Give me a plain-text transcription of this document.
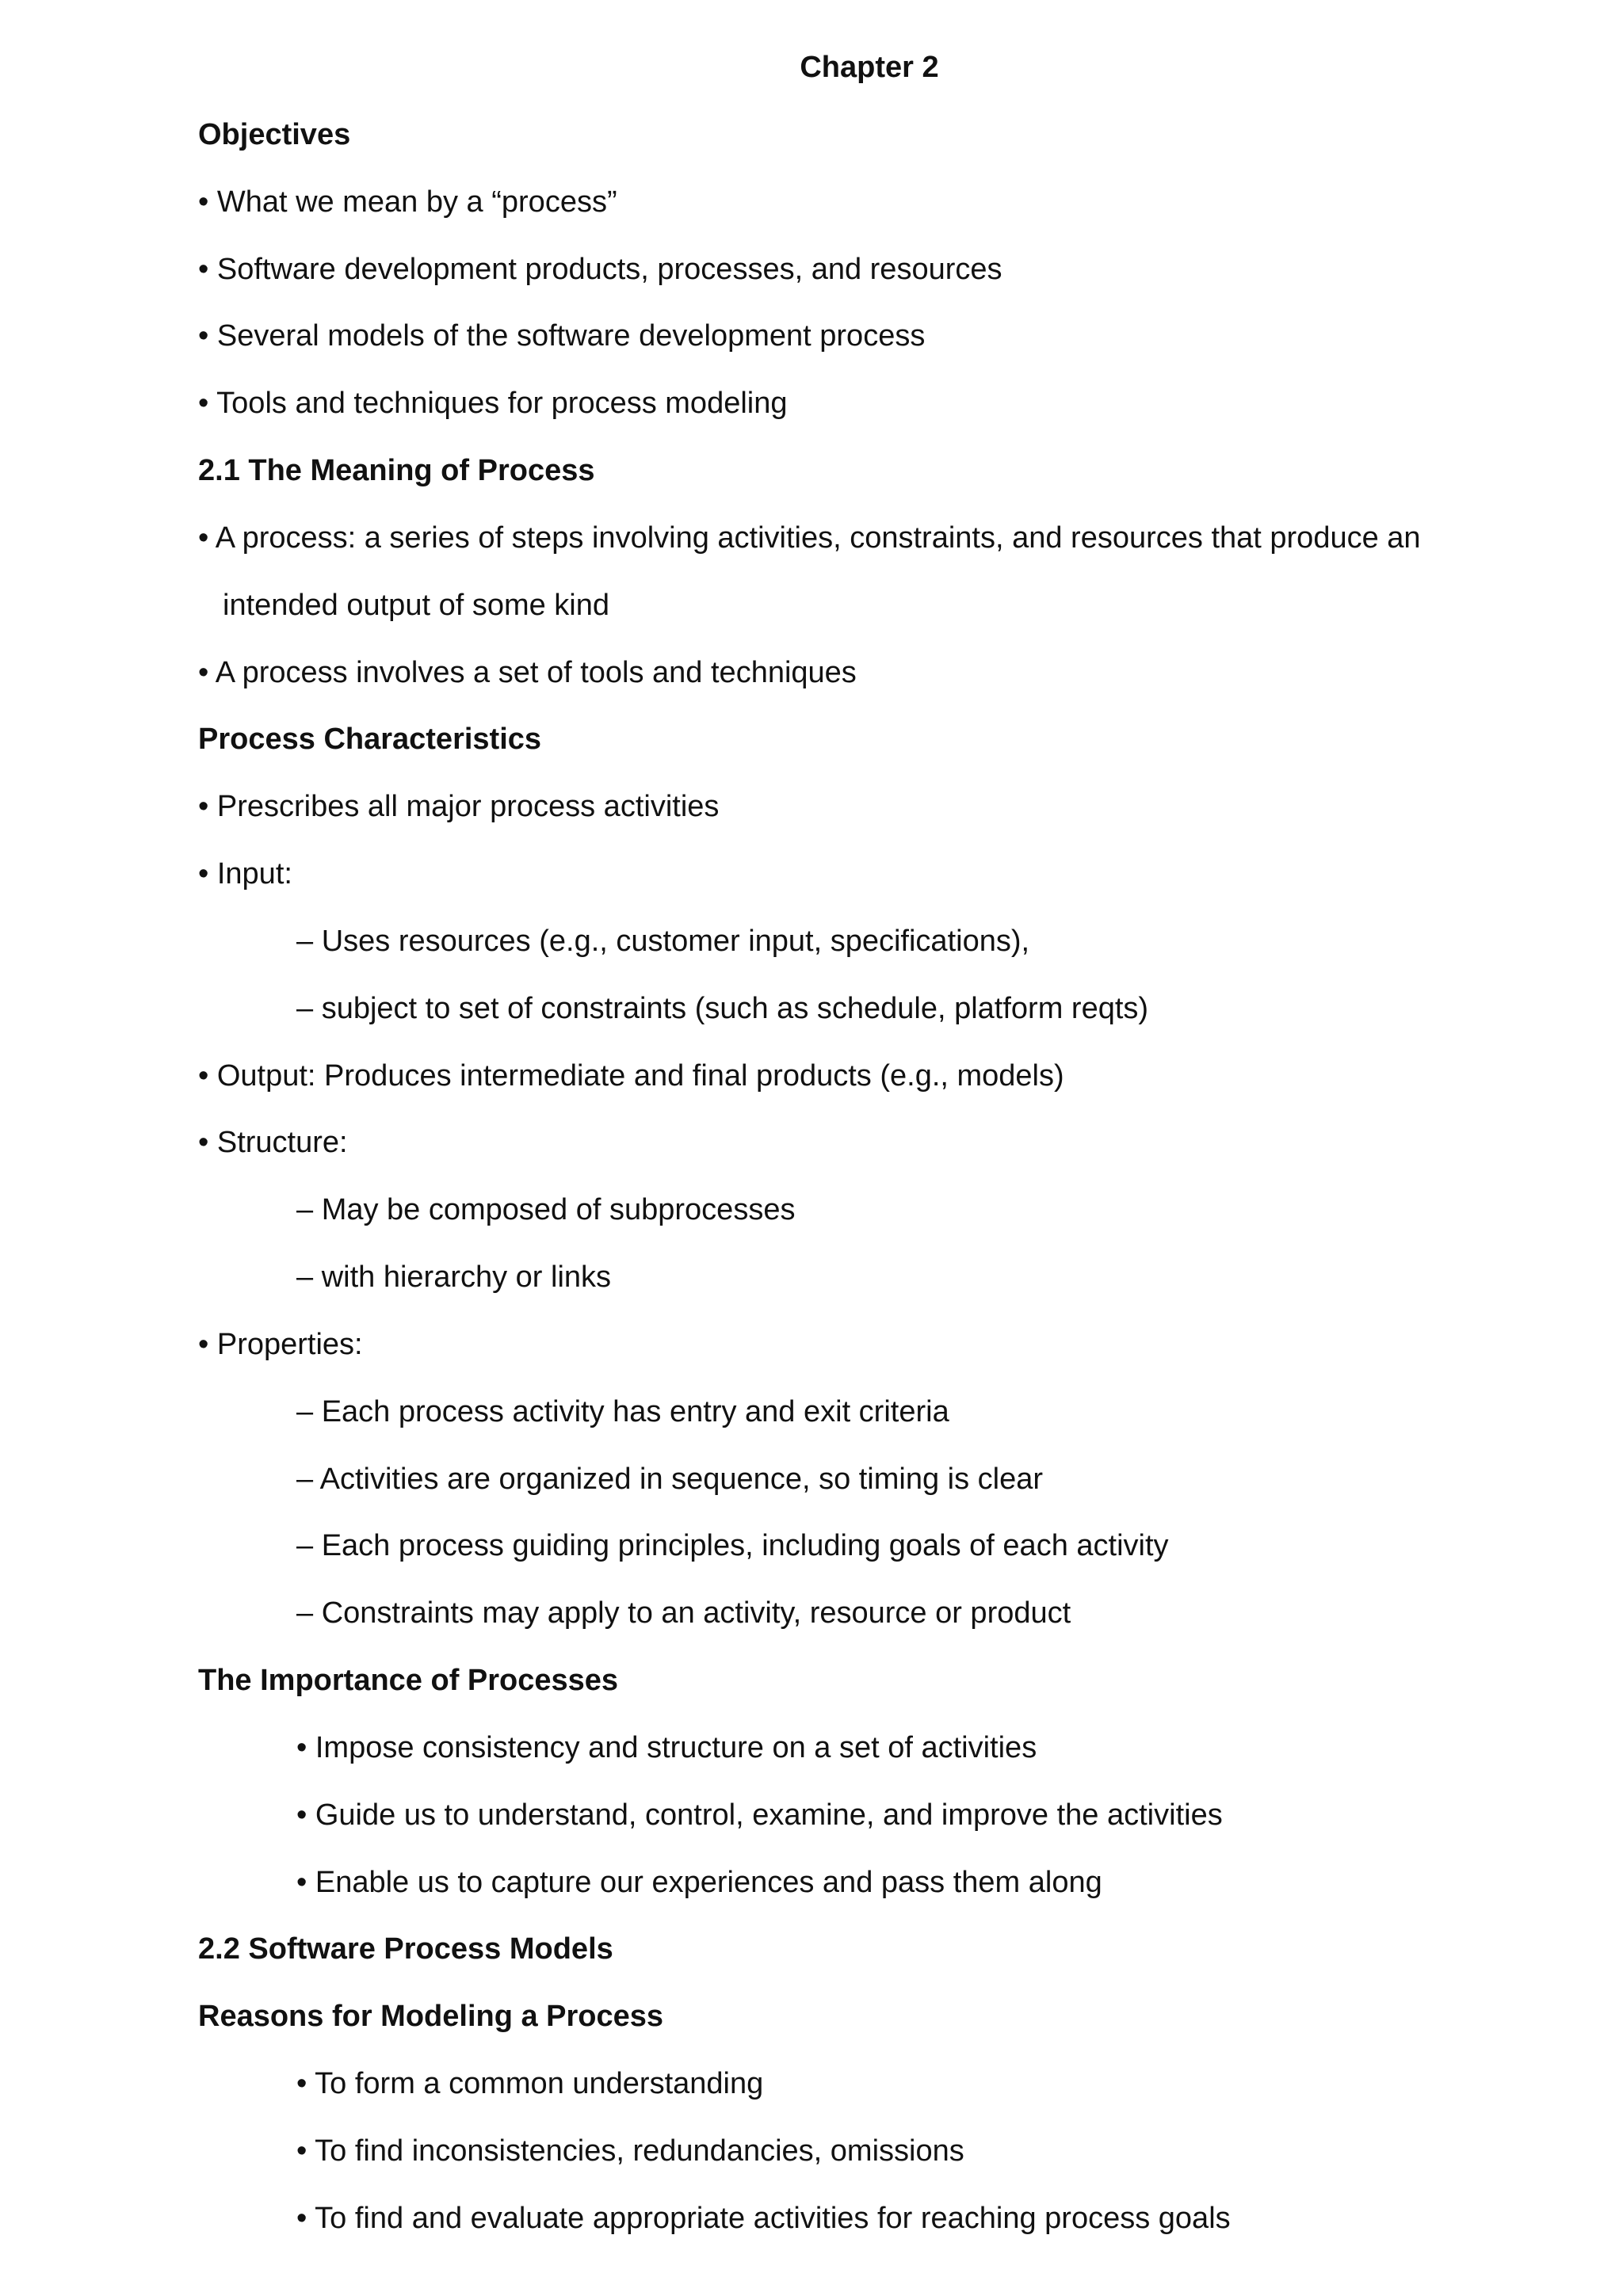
Chapter 2
Objectives
• What we mean by a “process”
• Software development products, processes, and resources
• Several models of the software development process
• Tools and techniques for process modeling
2.1 The Meaning of Process
• A process: a series of steps involving activities, constraints, and resources that produce an
intended output of some kind
• A process involves a set of tools and techniques
Process Characteristics
• Prescribes all major process activities
• Input:
– Uses resources (e.g., customer input, specifications),
– subject to set of constraints (such as schedule, platform reqts)
• Output: Produces intermediate and final products (e.g., models)
• Structure:
– May be composed of subprocesses
– with hierarchy or links
• Properties:
– Each process activity has entry and exit criteria
– Activities are organized in sequence, so timing is clear
– Each process guiding principles, including goals of each activity
– Constraints may apply to an activity, resource or product
The Importance of Processes
• Impose consistency and structure on a set of activities
• Guide us to understand, control, examine, and improve the activities
• Enable us to capture our experiences and pass them along
2.2 Software Process Models
Reasons for Modeling a Process
• To form a common understanding
• To find inconsistencies, redundancies, omissions
• To find and evaluate appropriate activities for reaching process goals
